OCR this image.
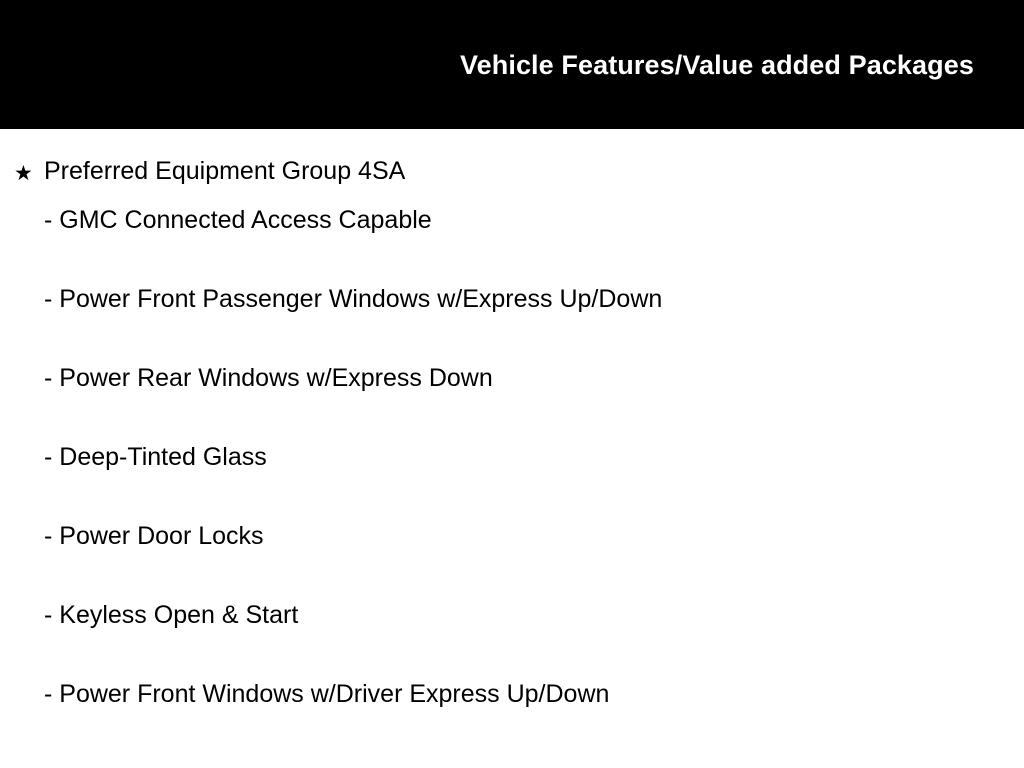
Vehicle Features/Value added Packages
★ Preferred Equipment Group 4SA
- GMC Connected Access Capable
- Power Front Passenger Windows w/Express Up/Down
- Power Rear Windows w/Express Down
- Deep-Tinted Glass
- Power Door Locks
- Keyless Open & Start
- Power Front Windows w/Driver Express Up/Down
